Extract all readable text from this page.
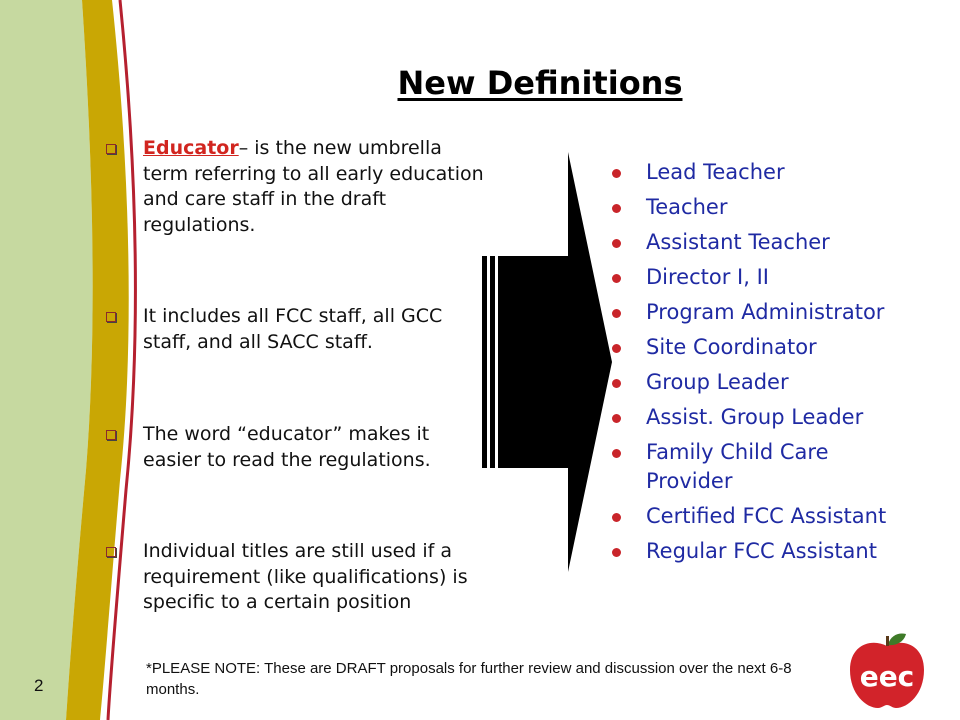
New Definitions
Educator– is the new umbrella term referring to all early education and care staff in the draft regulations.
It includes all FCC staff, all GCC staff, and all SACC staff.
The word “educator” makes it easier to read the regulations.
Individual titles are still used if a requirement (like qualifications) is specific to a certain position
Lead Teacher
Teacher
Assistant Teacher
Director I, II
Program Administrator
Site Coordinator
Group Leader
Assist. Group Leader
Family Child Care Provider
Certified FCC Assistant
Regular FCC Assistant
*PLEASE NOTE: These are DRAFT proposals for further review and discussion over the next 6-8 months.
2	eec
